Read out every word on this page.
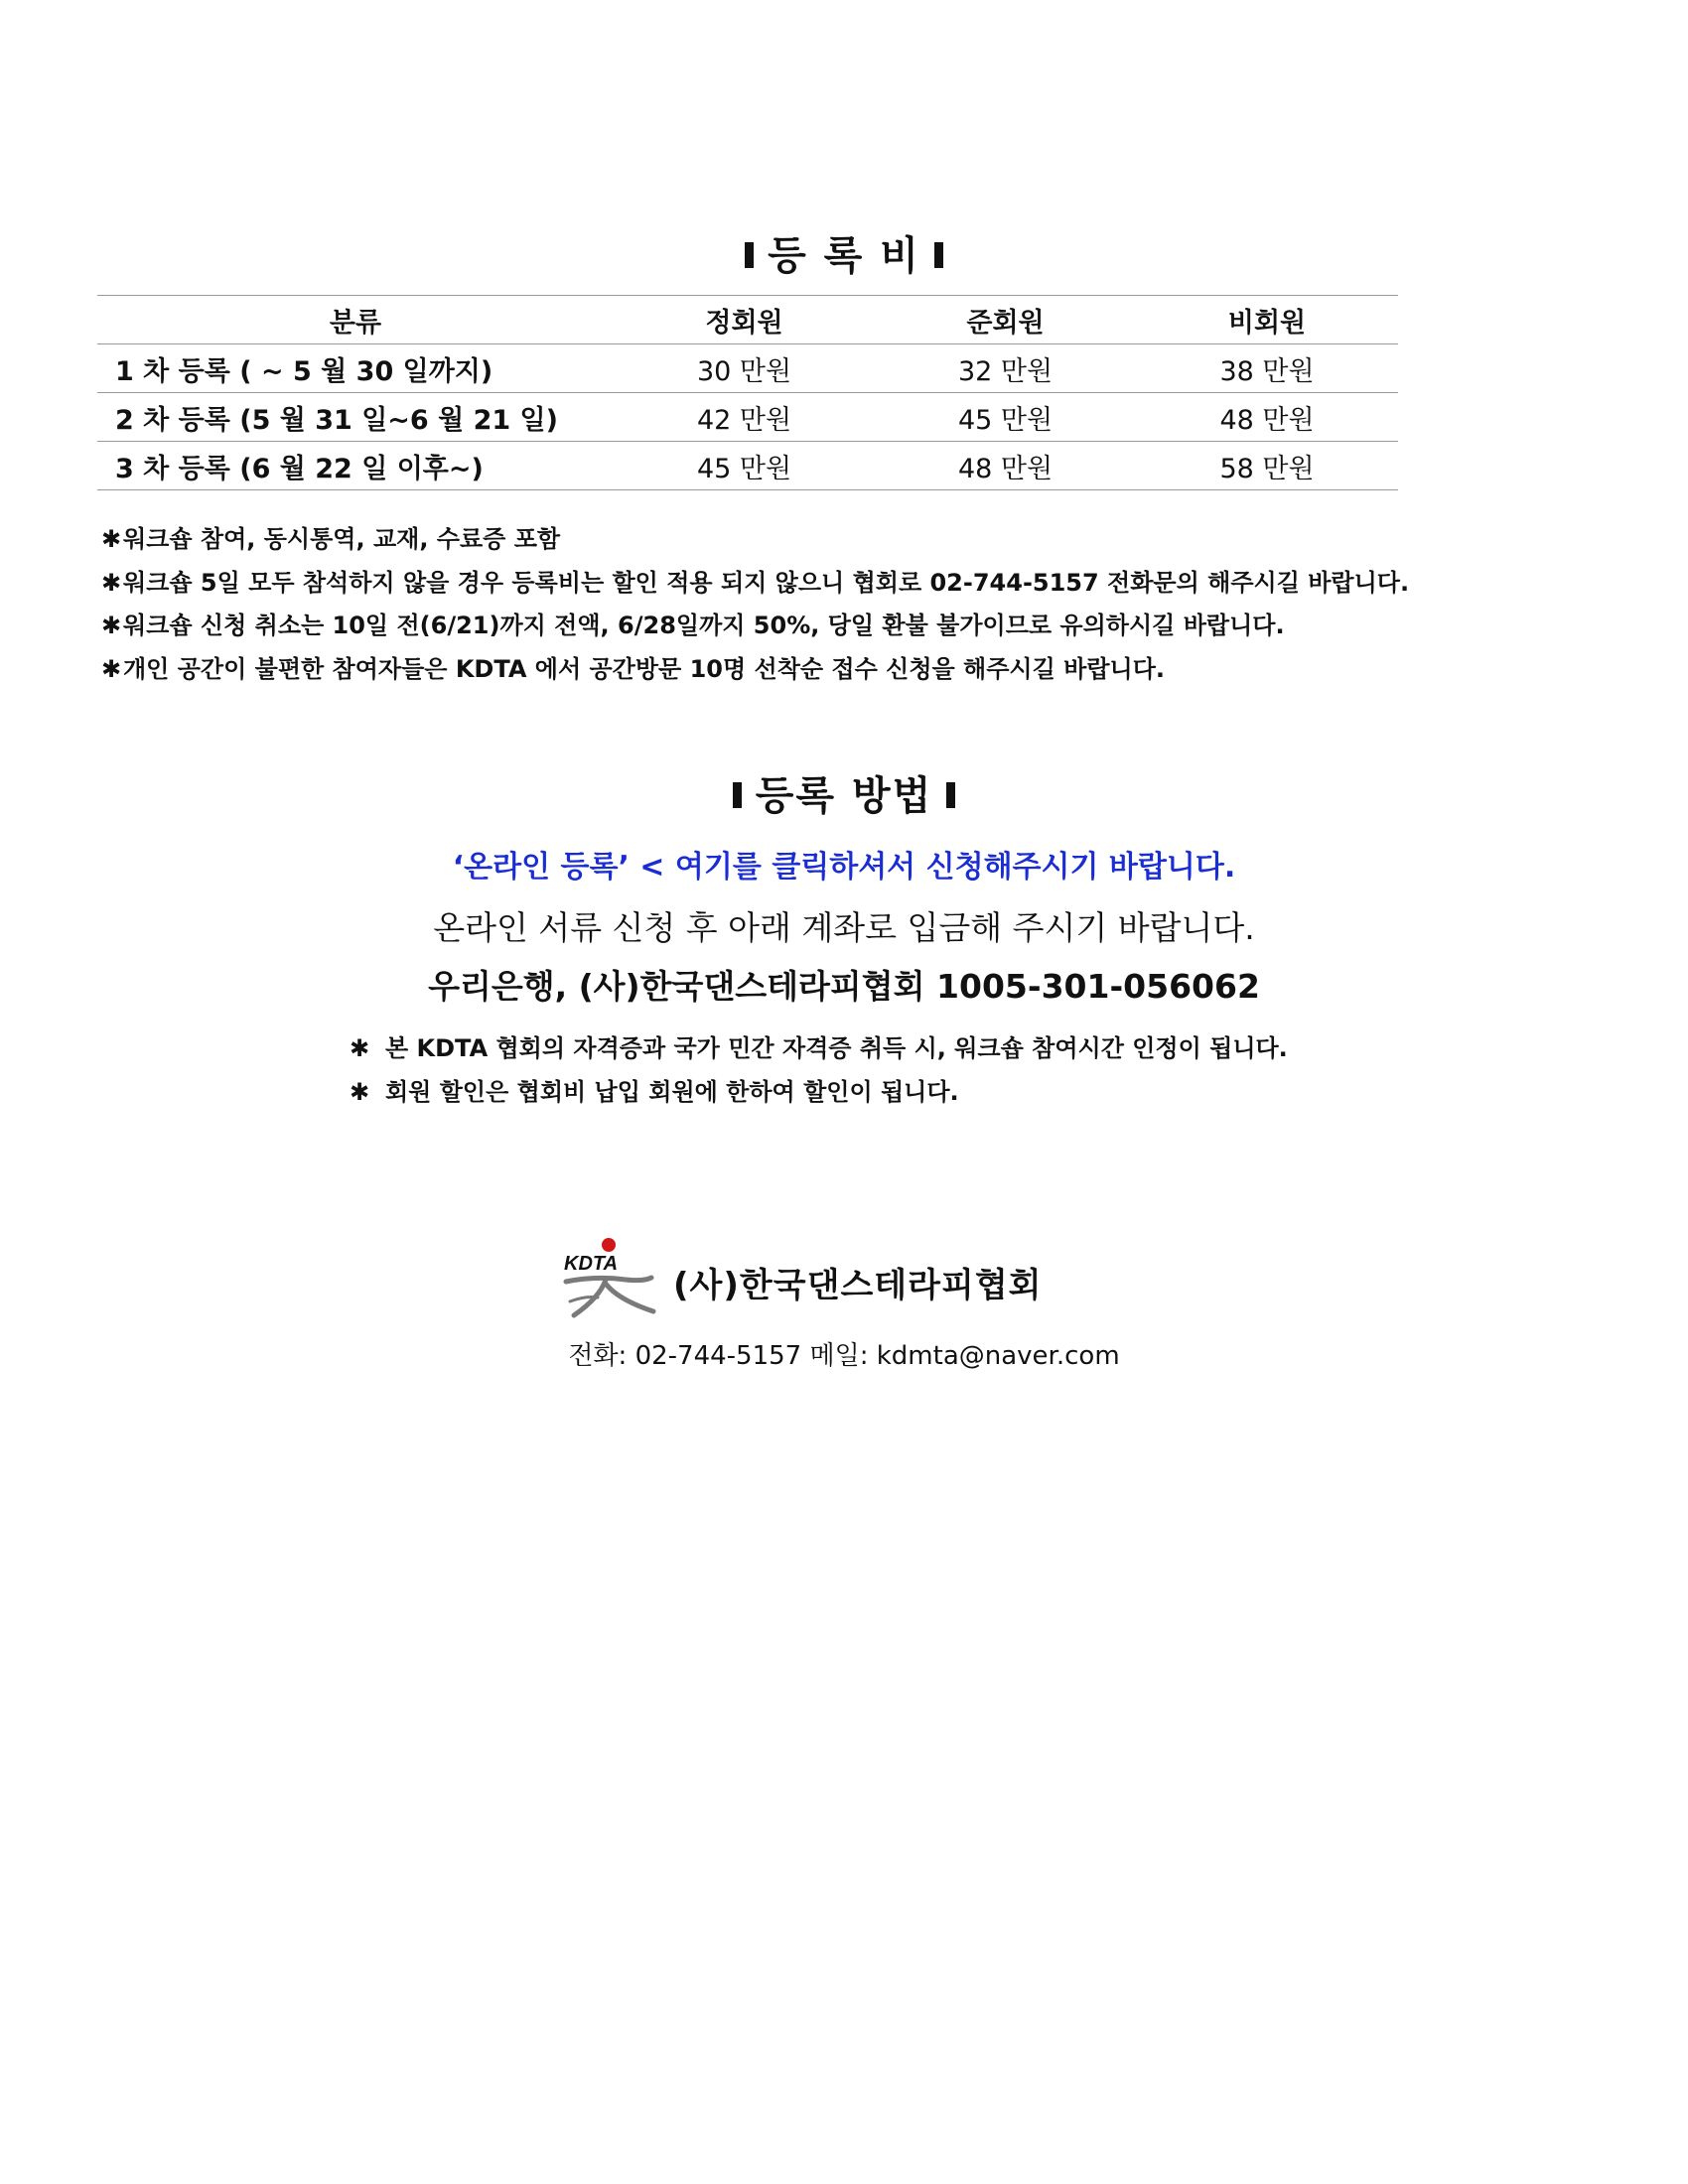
등 록 비
분류	정회원	준회원	비회원
1 차 등록 ( ~ 5 월 30 일까지)	30 만원	32 만원	38 만원
2 차 등록 (5 월 31 일~6 월 21 일)	42 만원	45 만원	48 만원
3 차 등록 (6 월 22 일 이후~)	45 만원	48 만원	58 만원
✱워크숍 참여, 동시통역, 교재, 수료증 포함
✱워크숍 5일 모두 참석하지 않을 경우 등록비는 할인 적용 되지 않으니 협회로 02-744-5157 전화문의 해주시길 바랍니다.
✱워크숍 신청 취소는 10일 전(6/21)까지 전액, 6/28일까지 50%, 당일 환불 불가이므로 유의하시길 바랍니다.
✱개인 공간이 불편한 참여자들은 KDTA 에서 공간방문 10명 선착순 접수 신청을 해주시길 바랍니다.
등록 방법
‘온라인 등록’ < 여기를 클릭하셔서 신청해주시기 바랍니다.
온라인 서류 신청 후 아래 계좌로 입금해 주시기 바랍니다.
우리은행, (사)한국댄스테라피협회 1005-301-056062
✱ 본 KDTA 협회의 자격증과 국가 민간 자격증 취득 시, 워크숍 참여시간 인정이 됩니다.
✱ 회원 할인은 협회비 납입 회원에 한하여 할인이 됩니다.
KDTA
(사)한국댄스테라피협회
전화: 02-744-5157 메일: kdmta@naver.com
